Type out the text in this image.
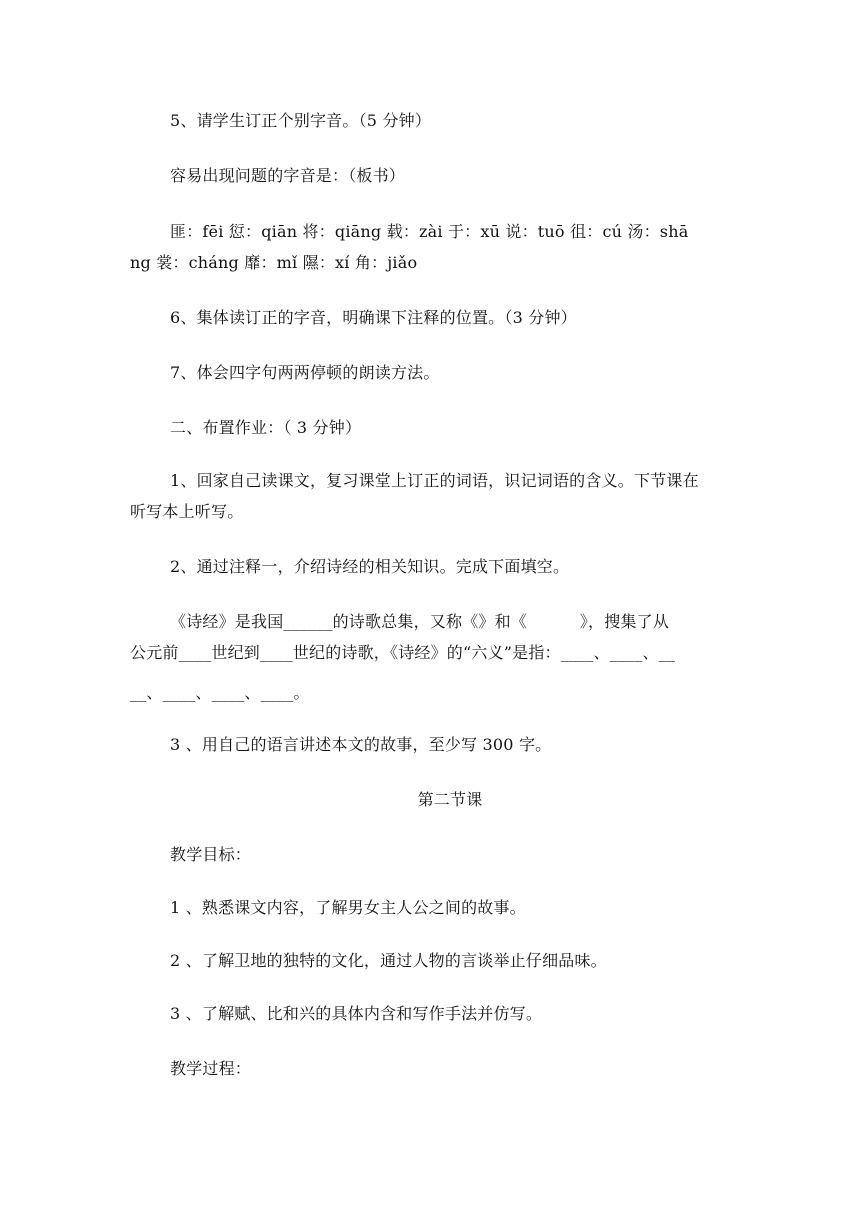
5、请学生订正个别字音。（5 分钟）
容易出现问题的字音是：（板书）
匪：fēi 愆：qiān 将：qiāng 载：zài 于：xū 说：tuō 徂：cú 汤：shā
ng 裳：cháng 靡：mǐ 隰：xí 角：jiǎo
6、集体读订正的字音，明确课下注释的位置。（3 分钟）
7、体会四字句两两停顿的朗读方法。
二、布置作业：（ 3 分钟）
1、回家自己读课文，复习课堂上订正的词语，识记词语的含义。下节课在
听写本上听写。
2、通过注释一，介绍诗经的相关知识。完成下面填空。
《诗经》是我国______的诗歌总集，又称《》和《          》，搜集了从
公元前____世纪到____世纪的诗歌，《诗经》的“六义”是指：____、____、__
__、____、____、____。
3 、用自己的语言讲述本文的故事，至少写 300 字。
第二节课
教学目标：
1 、熟悉课文内容，了解男女主人公之间的故事。
2 、了解卫地的独特的文化，通过人物的言谈举止仔细品味。
3 、了解赋、比和兴的具体内含和写作手法并仿写。
教学过程：
